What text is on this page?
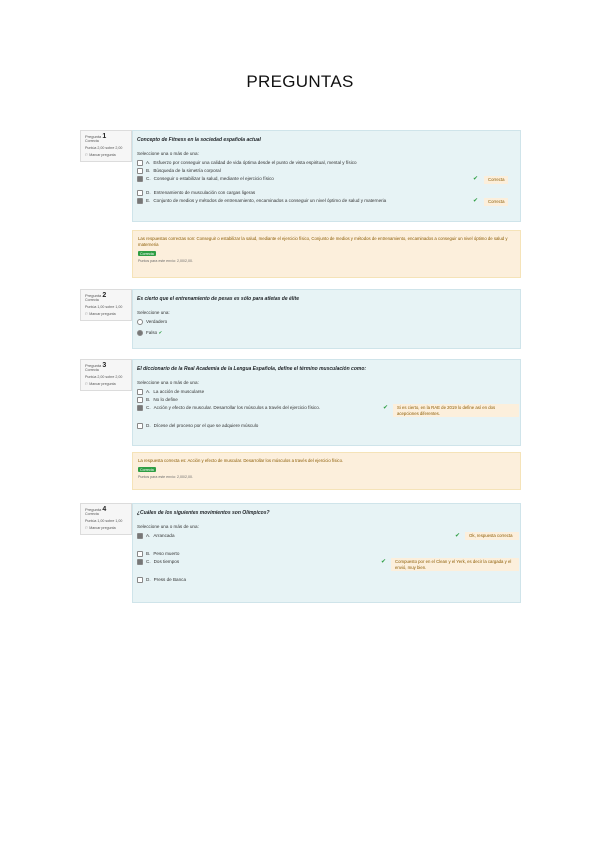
PREGUNTAS
Pregunta 1
Correcta
Puntúa 2,00 sobre 2,00
⚐ Marcar pregunta
Concepto de Fitness en la sociedad española actual
Seleccione una o más de una:
A. Esfuerzo por conseguir una calidad de vida óptima desde el punto de vista espiritual, mental y físico
B. Búsqueda de la simetría corporal
C. Conseguir o estabilizar la salud, mediante el ejercicio físico	✔	Correcta
D. Entrenamiento de musculación con cargas ligeras
E. Conjunto de medios y métodos de entrenamiento, encaminados a conseguir un nivel óptimo de salud y materneria	✔	Correcta
Las respuestas correctas son: Conseguir o estabilizar la salud, mediante el ejercicio físico, Conjunto de medios y métodos de entrenamiento, encaminados a conseguir un nivel óptimo de salud y materneria
Correcta
Puntos para este envío: 2,00/2,00.
Pregunta 2
Correcta
Puntúa 1,00 sobre 1,00
⚐ Marcar pregunta
Es cierto que el entrenamiento de pesas es sólo para atletas de élite
Seleccione una:
Verdadero
Falso ✔
Pregunta 3
Correcta
Puntúa 2,00 sobre 2,00
⚐ Marcar pregunta
El diccionario de la Real Academia de la Lengua Española, define el término musculación como:
Seleccione una o más de una:
A. La acción de muscularse
B. No lo define
C. Acción y efecto de muscular. Desarrollar los músculos a través del ejercicio físico.	✔	Si es cierto, en la RAE de 2019 lo define así en dos acepciones diferentes.
D. Dícese del proceso por el que se adquiere músculo
La respuesta correcta es: Acción y efecto de muscular. Desarrollar los músculos a través del ejercicio físico.
Correcta
Puntos para este envío: 2,00/2,00.
Pregunta 4
Correcta
Puntúa 1,00 sobre 1,00
⚐ Marcar pregunta
¿Cuáles de los siguientes movimientos son Olímpicos?
Seleccione una o más de una:
A. Arrancada	✔	Ok, respuesta correcta
B. Peso muerto
C. Dos tiempos	✔	Compuesto por en el Clean y el Yerk, es decir la cargada y el envió, muy bien.
D. Press de Banca
